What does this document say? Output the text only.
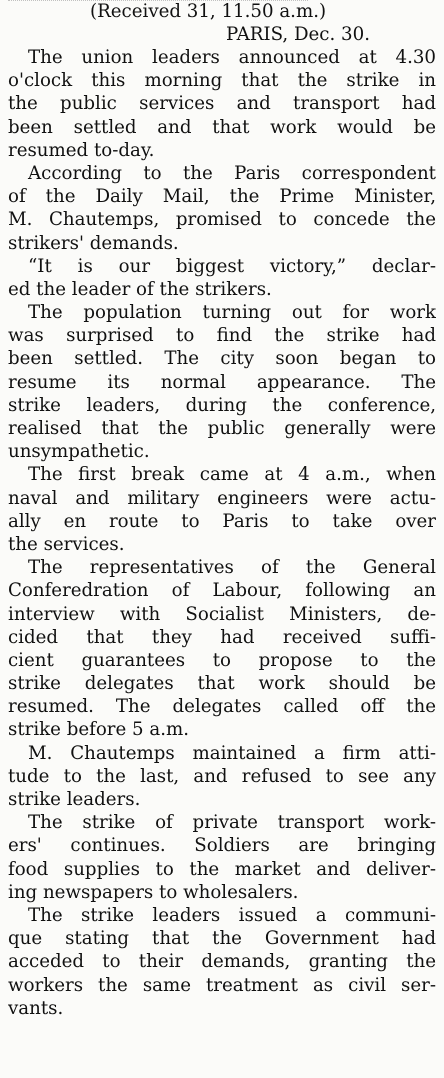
(Received 31, 11.50 a.m.)
PARIS, Dec. 30.
The union leaders announced at 4.30
o'clock this morning that the strike in
the public services and transport had
been settled and that work would be
resumed to-day.
According to the Paris correspondent
of the Daily Mail, the Prime Minister,
M. Chautemps, promised to concede the
strikers' demands.
“It is our biggest victory,” declar-
ed the leader of the strikers.
The population turning out for work
was surprised to find the strike had
been settled. The city soon began to
resume its normal appearance. The
strike leaders, during the conference,
realised that the public generally were
unsympathetic.
The first break came at 4 a.m., when
naval and military engineers were actu-
ally en route to Paris to take over
the services.
The representatives of the General
Conferedration of Labour, following an
interview with Socialist Ministers, de-
cided that they had received suffi-
cient guarantees to propose to the
strike delegates that work should be
resumed. The delegates called off the
strike before 5 a.m.
M. Chautemps maintained a firm atti-
tude to the last, and refused to see any
strike leaders.
The strike of private transport work-
ers' continues. Soldiers are bringing
food supplies to the market and deliver-
ing newspapers to wholesalers.
The strike leaders issued a communi-
que stating that the Government had
acceded to their demands, granting the
workers the same treatment as civil ser-
vants.
